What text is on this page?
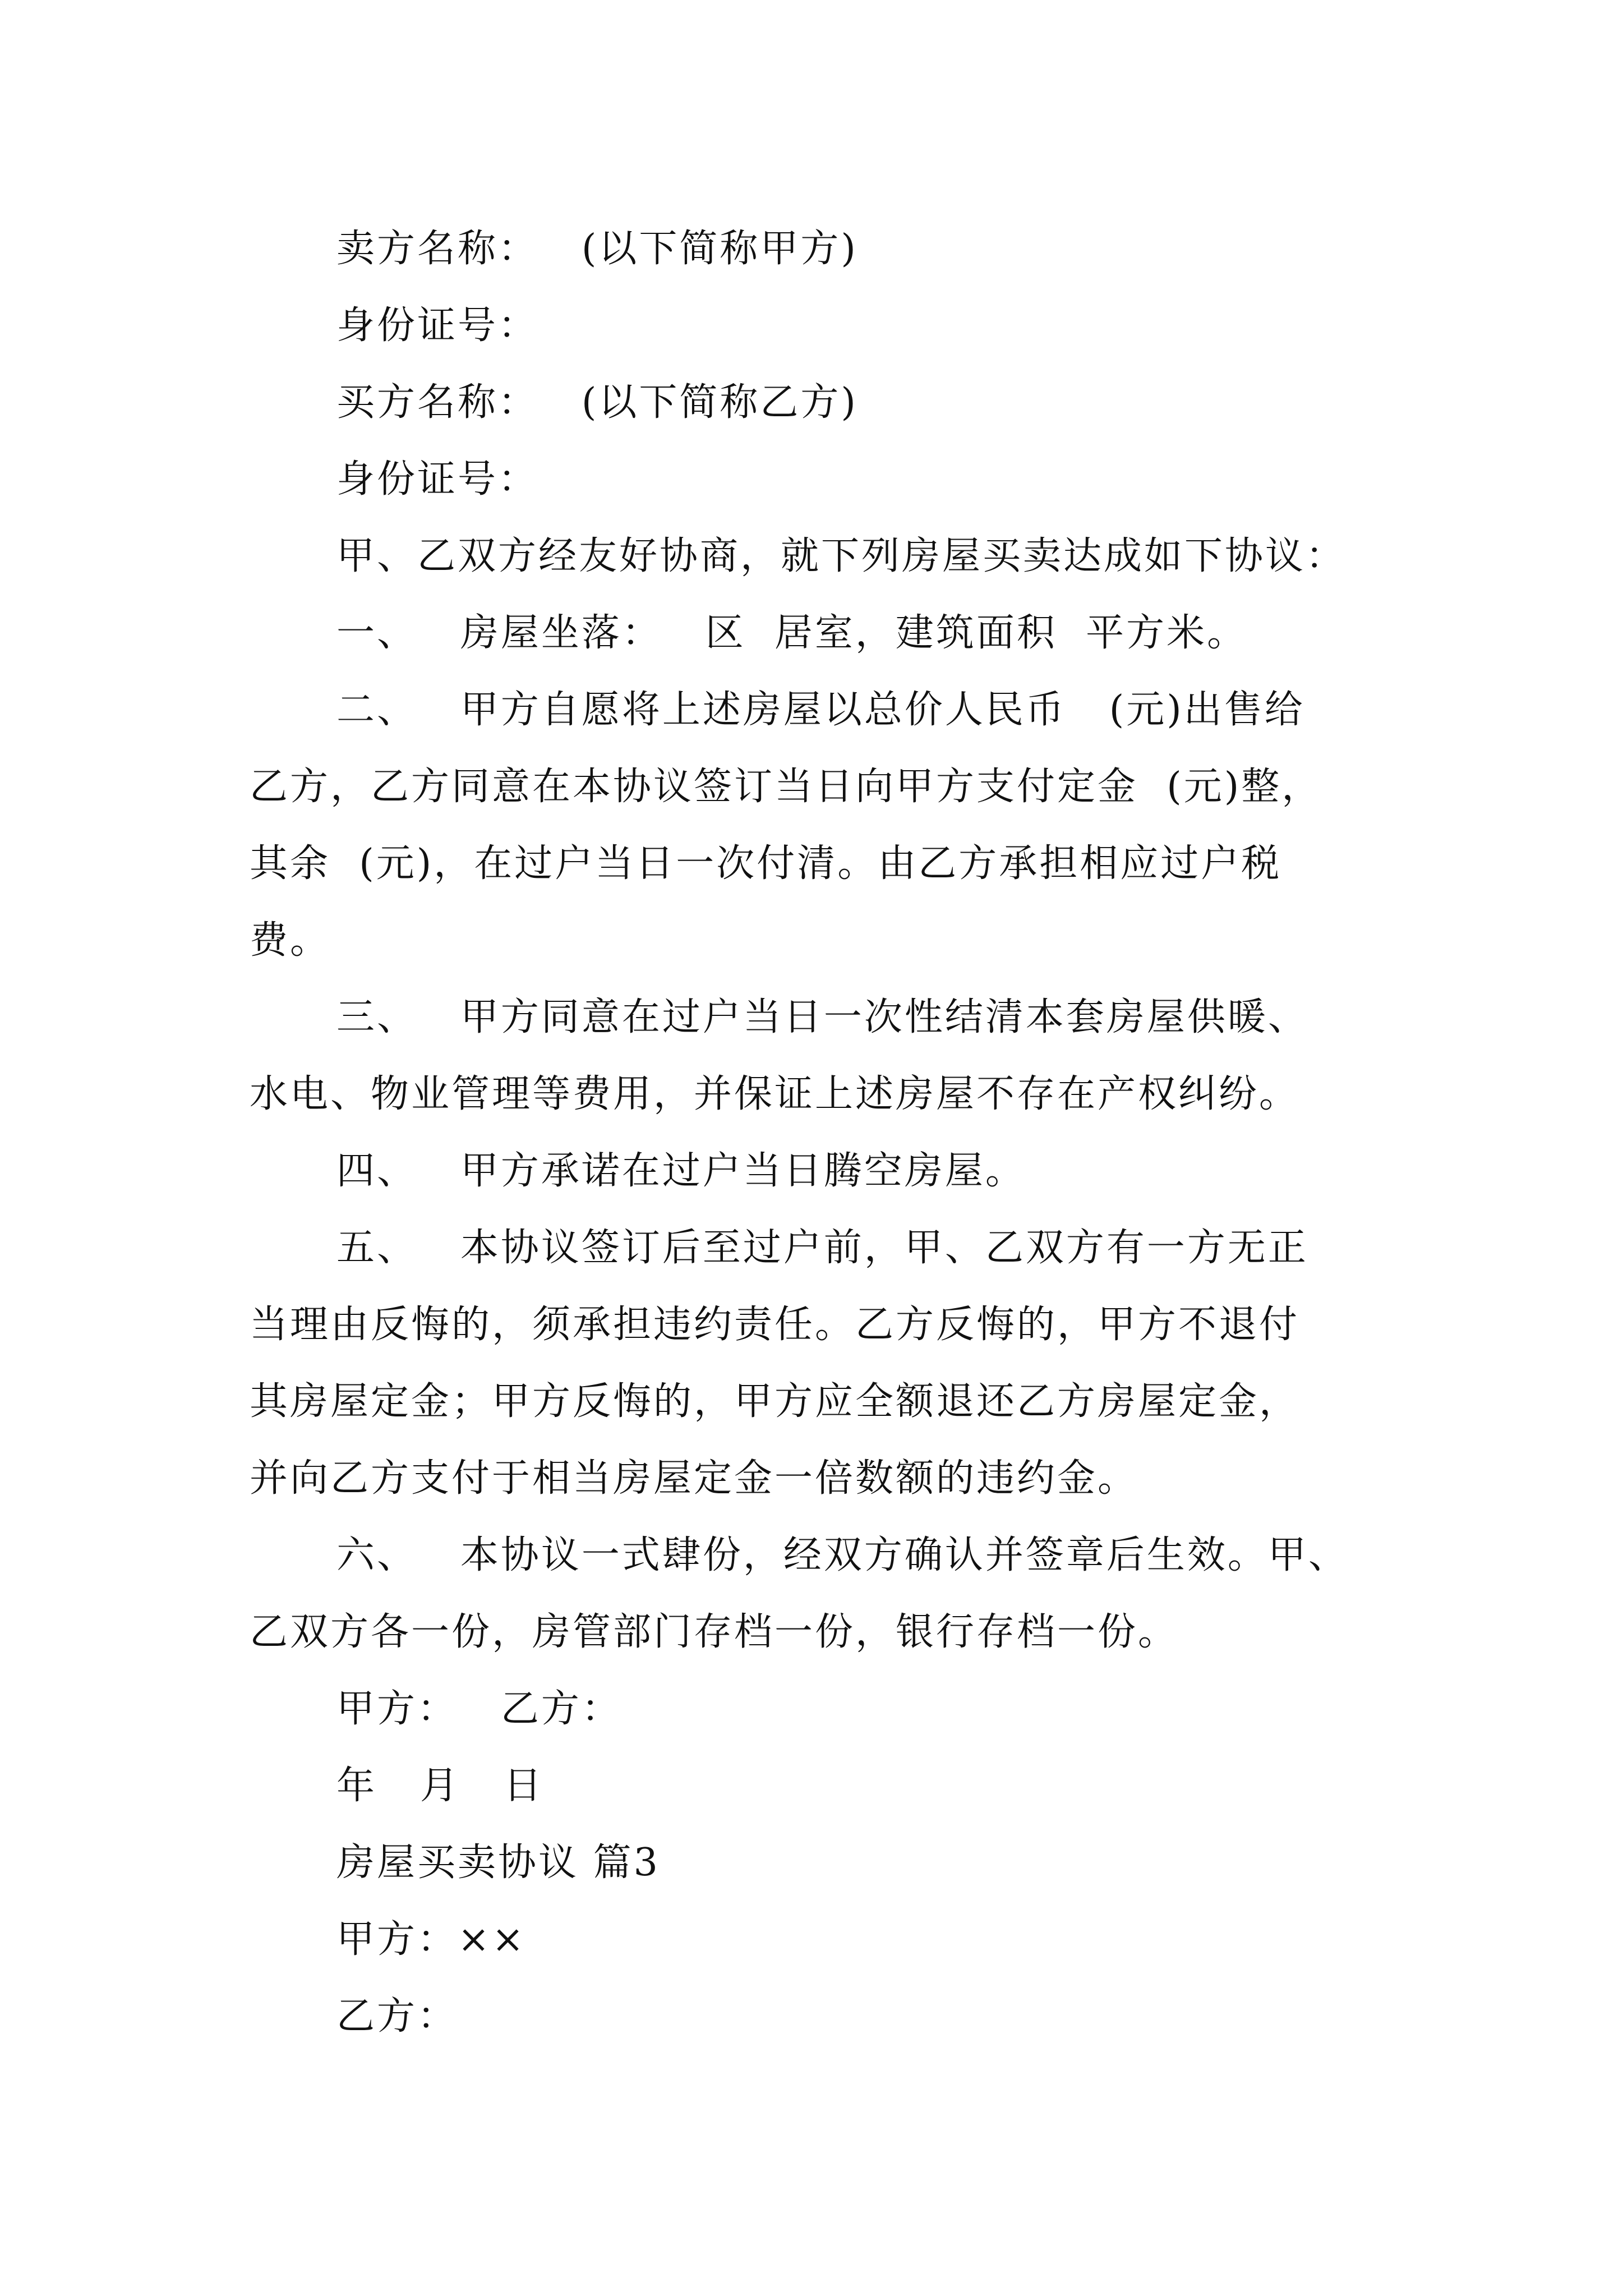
卖方名称：   (以下简称甲方)
身份证号：
买方名称：   (以下简称乙方)
身份证号：
甲、乙双方经友好协商，就下列房屋买卖达成如下协议：
一、   房屋坐落：   区  居室，建筑面积  平方米。
二、   甲方自愿将上述房屋以总价人民币   (元)出售给
乙方，乙方同意在本协议签订当日向甲方支付定金  (元)整，
其余  (元)，在过户当日一次付清。由乙方承担相应过户税
费。
三、   甲方同意在过户当日一次性结清本套房屋供暖、
水电、物业管理等费用，并保证上述房屋不存在产权纠纷。
四、   甲方承诺在过户当日腾空房屋。
五、   本协议签订后至过户前，甲、乙双方有一方无正
当理由反悔的，须承担违约责任。乙方反悔的，甲方不退付
其房屋定金；甲方反悔的，甲方应全额退还乙方房屋定金，
并向乙方支付于相当房屋定金一倍数额的违约金。
六、   本协议一式肆份，经双方确认并签章后生效。甲、
乙双方各一份，房管部门存档一份，银行存档一份。
甲方：   乙方：
年   月   日
房屋买卖协议 篇3
甲方：××
乙方：
